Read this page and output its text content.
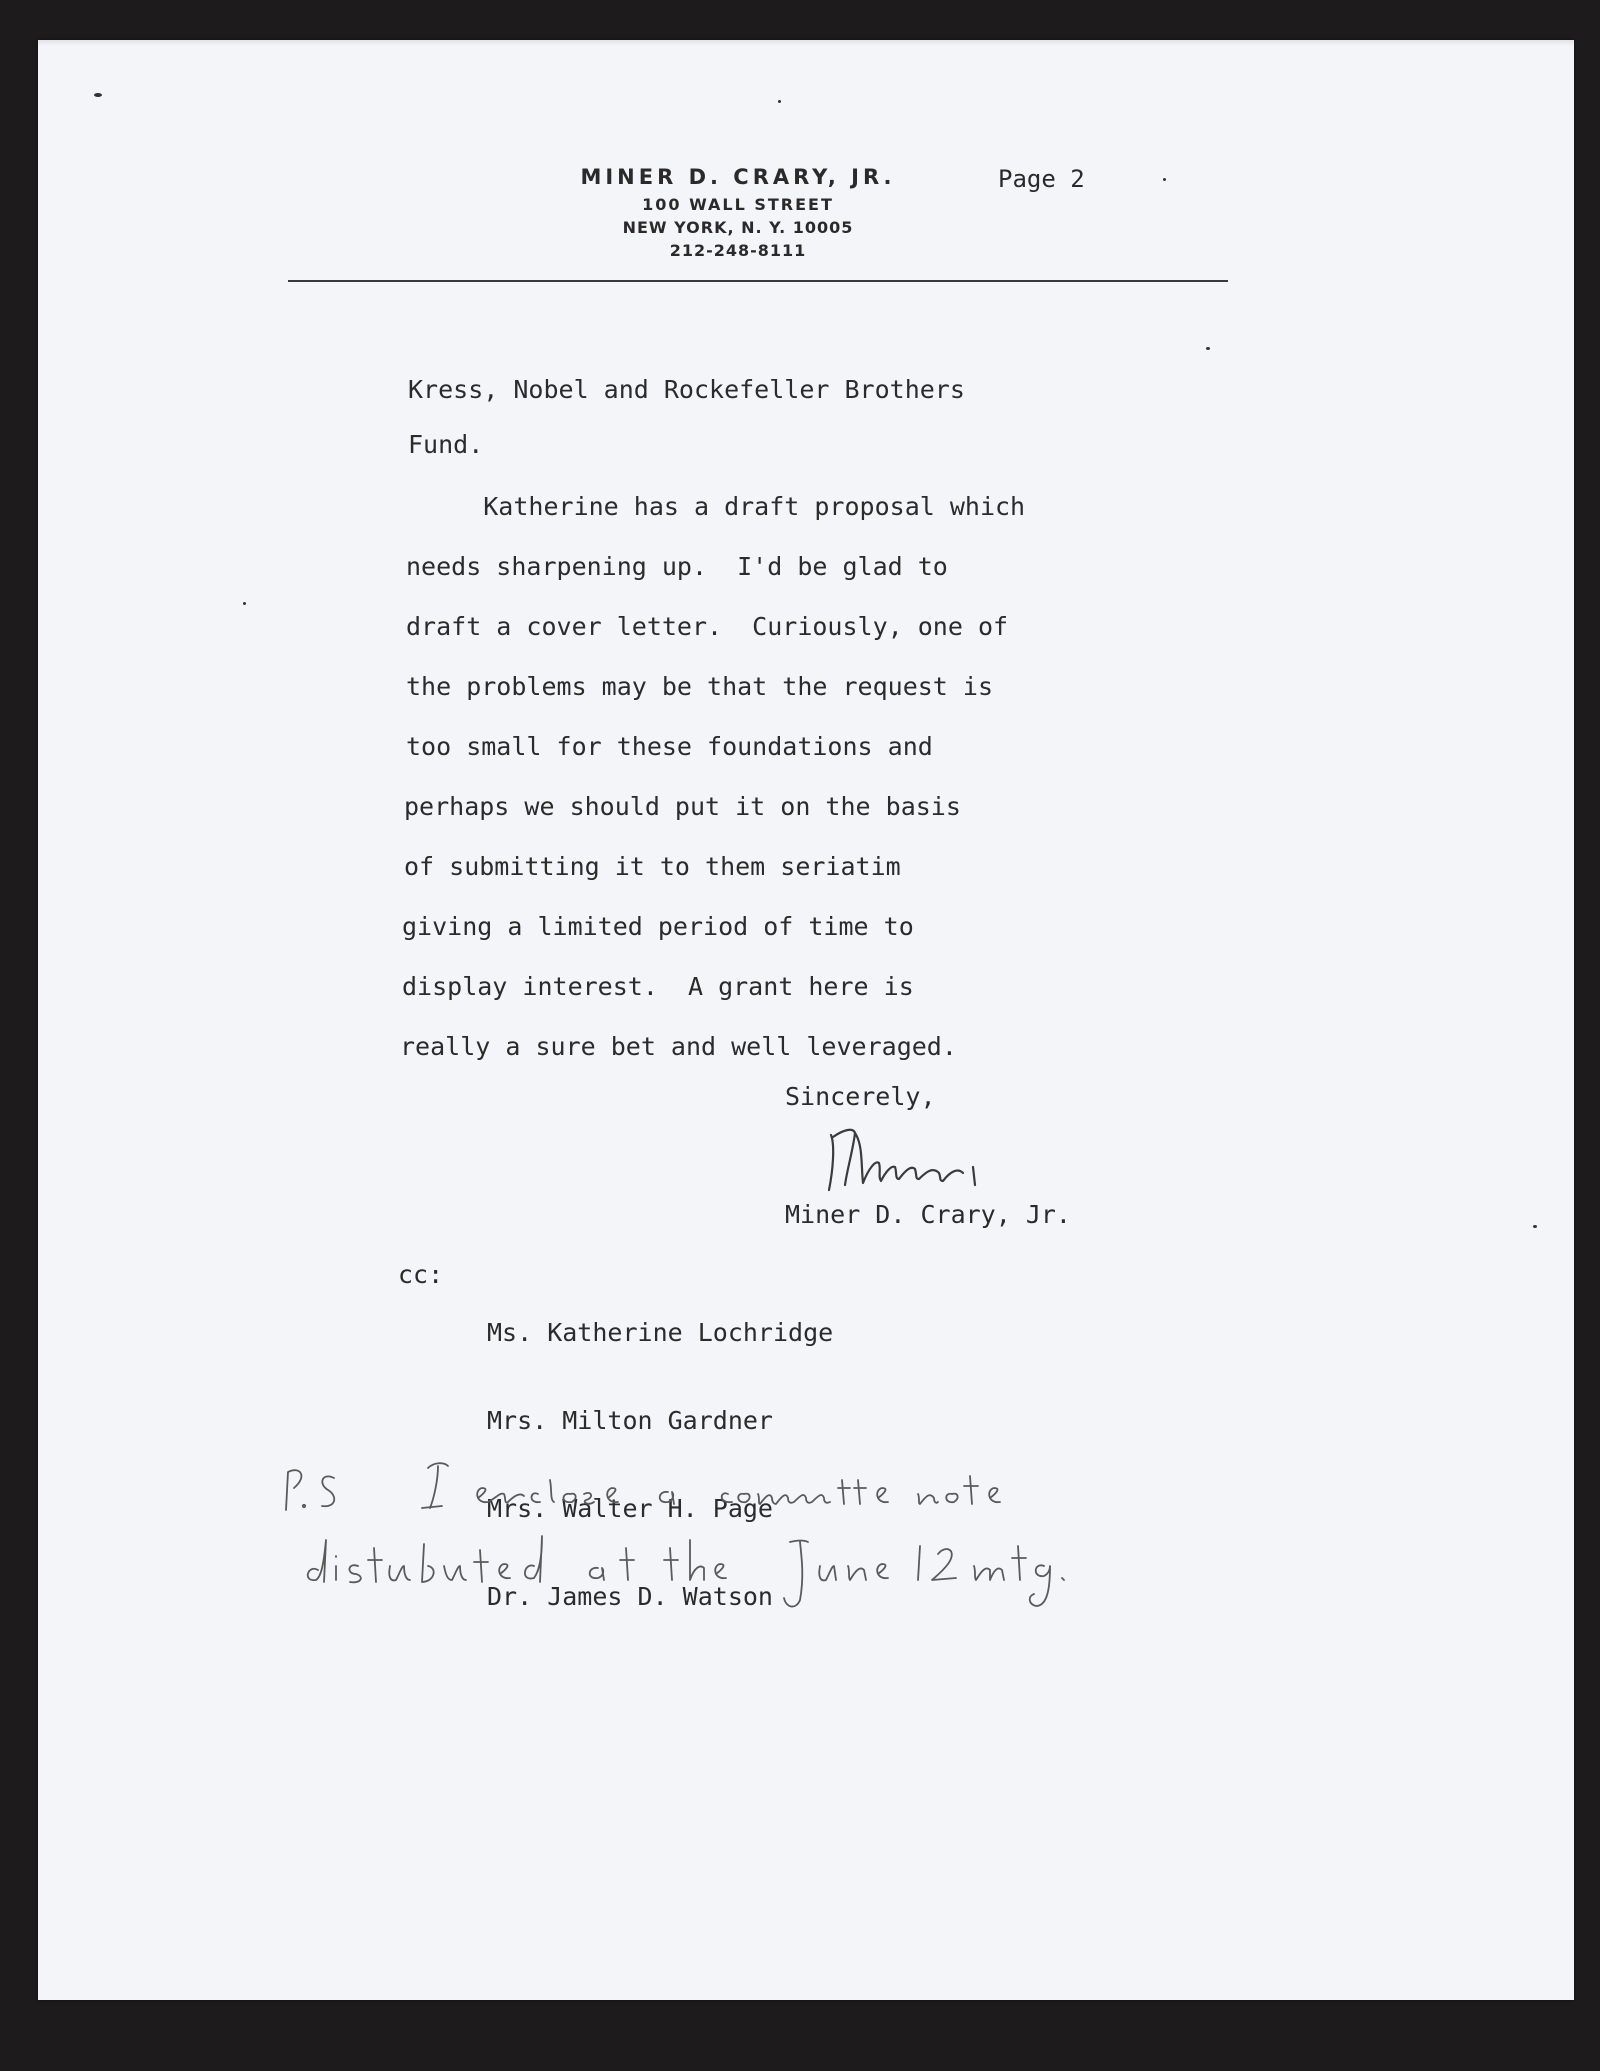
MINER D. CRARY, JR.
100 WALL STREET
NEW YORK, N. Y. 10005
212-248-8111
Page 2
Kress, Nobel and Rockefeller Brothers
Fund.
Katherine has a draft proposal which
needs sharpening up.  I'd be glad to
draft a cover letter.  Curiously, one of
the problems may be that the request is
too small for these foundations and
perhaps we should put it on the basis
of submitting it to them seriatim
giving a limited period of time to
display interest.  A grant here is
really a sure bet and well leveraged.
Sincerely,
Miner D. Crary, Jr.

cc:

Ms. Katherine Lochridge

Mrs. Milton Gardner

Mrs. Walter H. Page

Dr. James D. Watson
